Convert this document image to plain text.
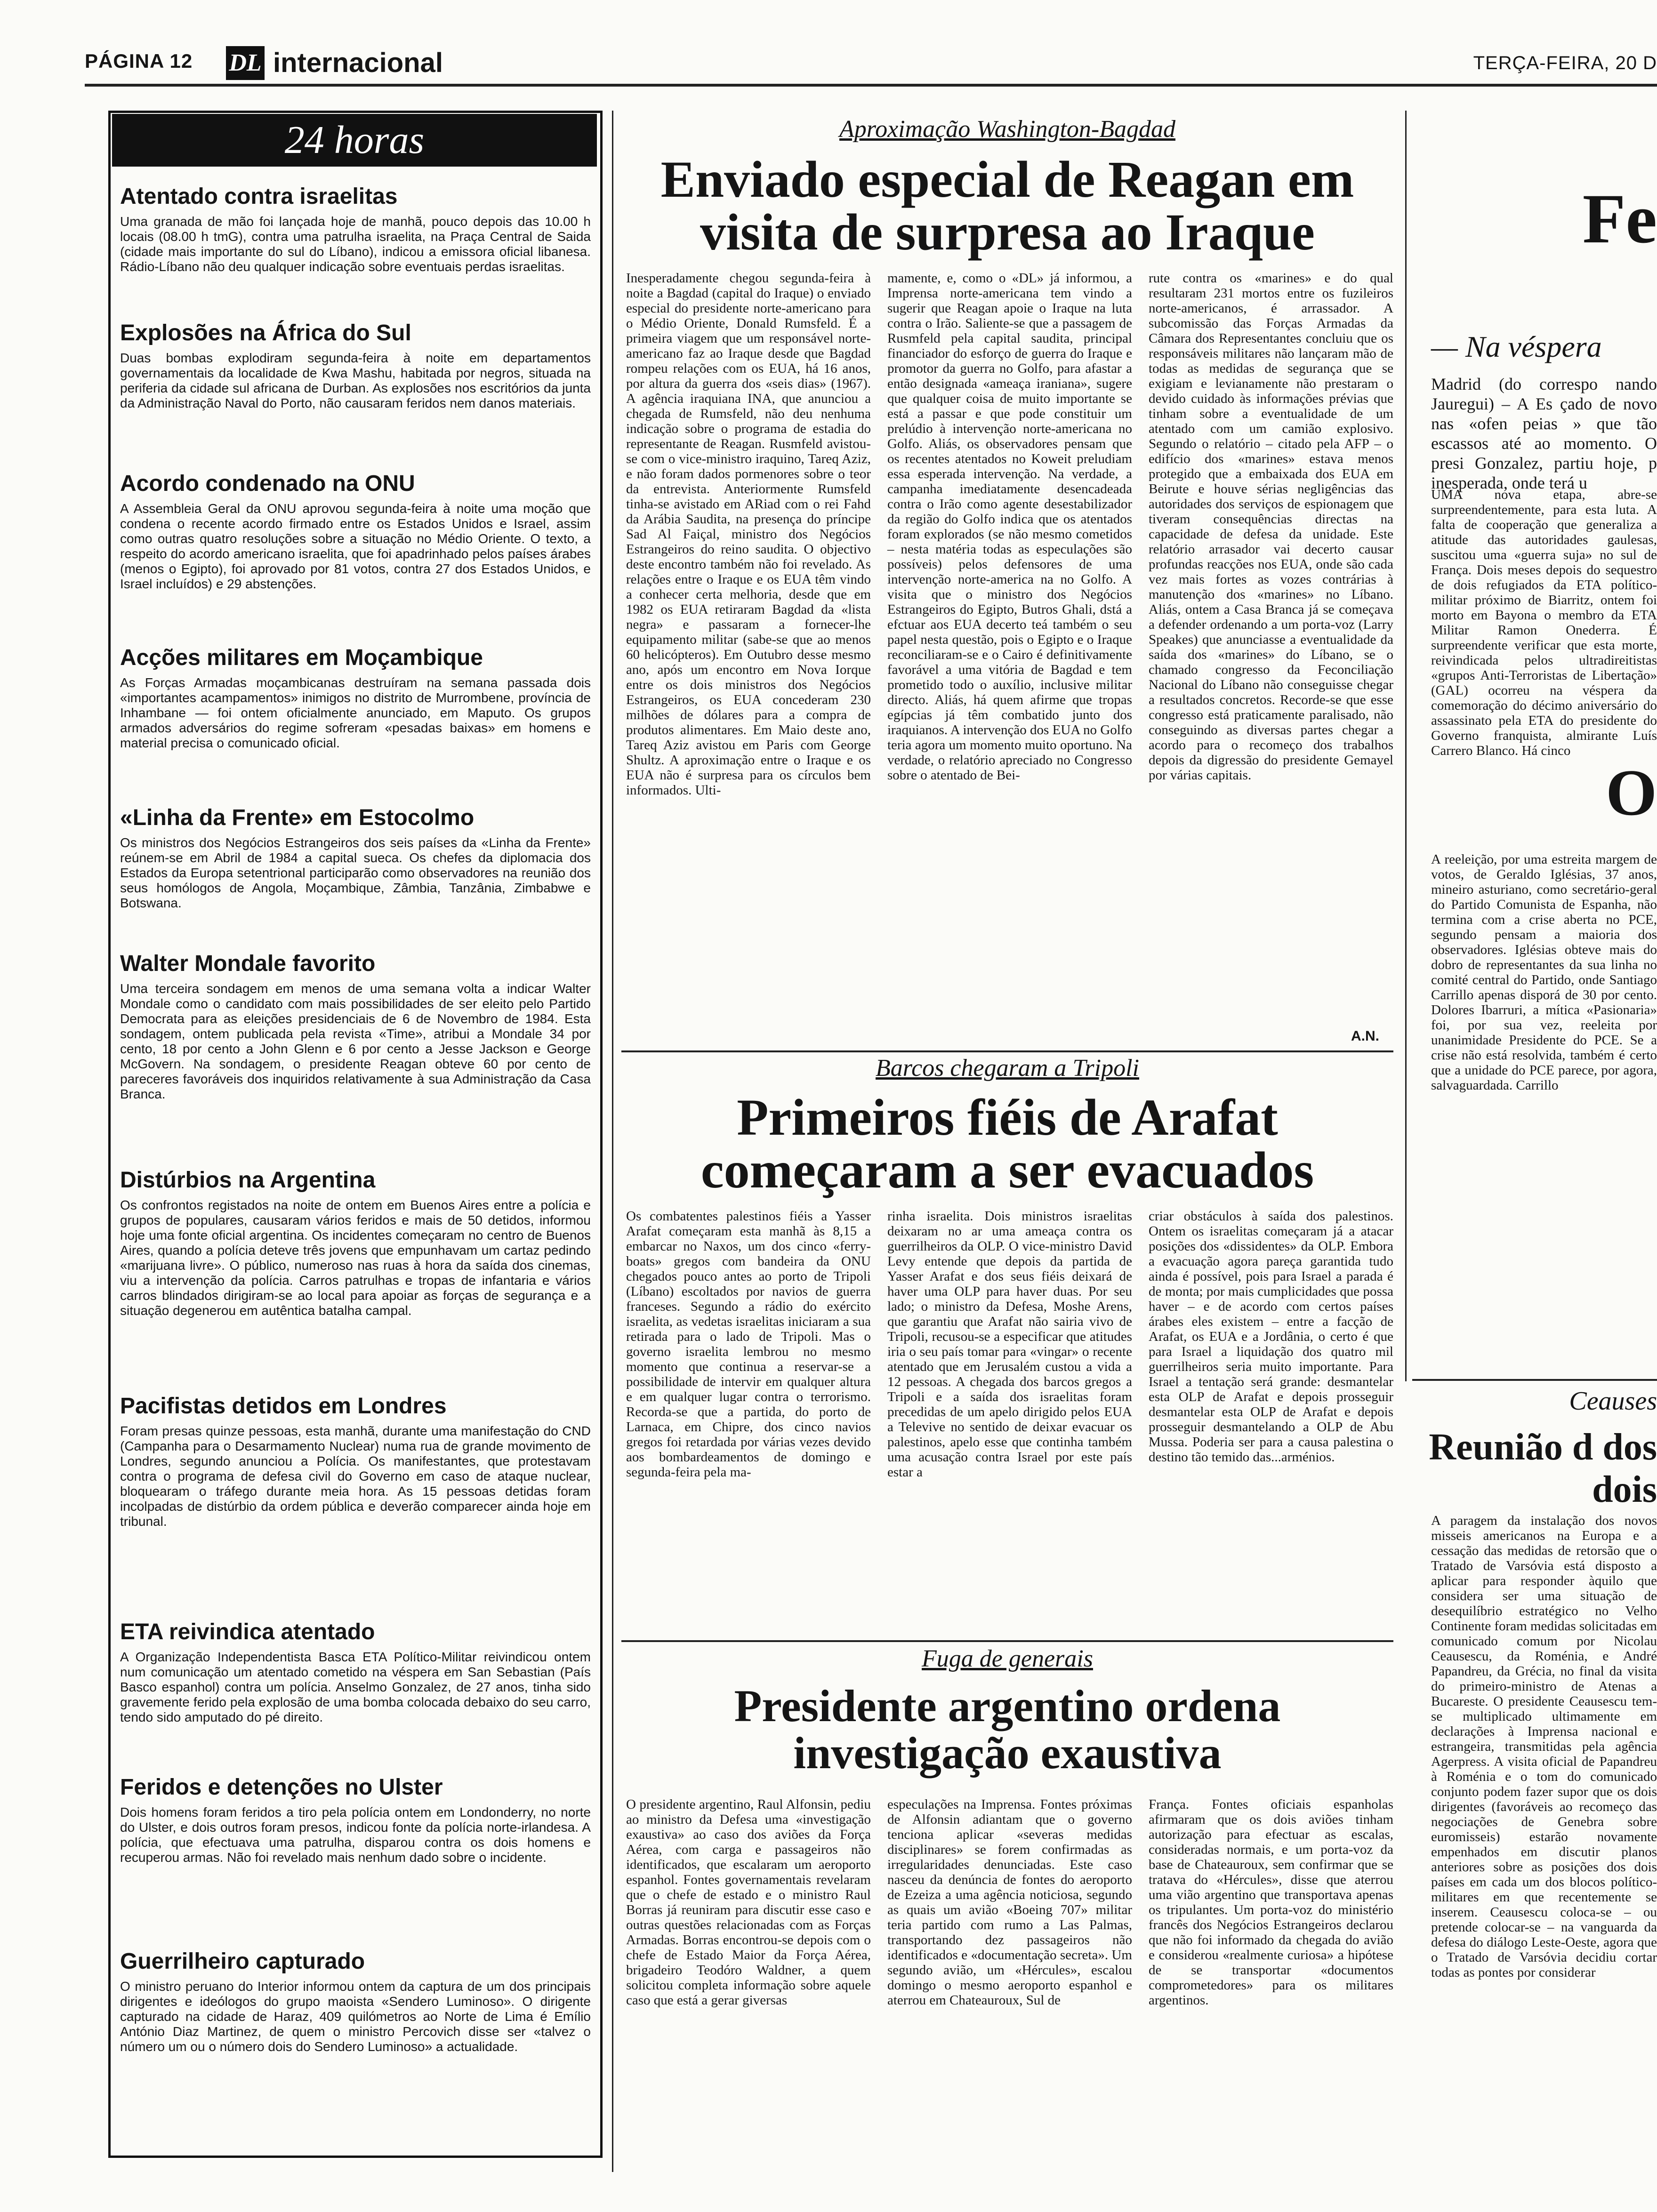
PÁGINA 12 DL internacional	TERÇA-FEIRA, 20 D
24 horas
Atentado contra israelitas
Uma granada de mão foi lançada hoje de manhã, pouco depois das 10.00 h locais (08.00 h tmG), contra uma patrulha israelita, na Praça Central de Saida (cidade mais importante do sul do Líbano), indicou a emissora oficial libanesa. Rádio-Líbano não deu qualquer indicação sobre eventuais perdas israelitas.
Explosões na África do Sul
Duas bombas explodiram segunda-feira à noite em departamentos governamentais da localidade de Kwa Mashu, habitada por negros, situada na periferia da cidade sul africana de Durban. As explosões nos escritórios da junta da Administração Naval do Porto, não causaram feridos nem danos materiais.
Acordo condenado na ONU
A Assembleia Geral da ONU aprovou segunda-feira à noite uma moção que condena o recente acordo firmado entre os Estados Unidos e Israel, assim como outras quatro resoluções sobre a situação no Médio Oriente. O texto, a respeito do acordo americano israelita, que foi apadrinhado pelos países árabes (menos o Egipto), foi aprovado por 81 votos, contra 27 dos Estados Unidos, e Israel incluídos) e 29 abstenções.
Acções militares em Moçambique
As Forças Armadas moçambicanas destruíram na semana passada dois «importantes acampamentos» inimigos no distrito de Murrombene, província de Inhambane — foi ontem oficialmente anunciado, em Maputo. Os grupos armados adversários do regime sofreram «pesadas baixas» em homens e material precisa o comunicado oficial.
«Linha da Frente» em Estocolmo
Os ministros dos Negócios Estrangeiros dos seis países da «Linha da Frente» reúnem-se em Abril de 1984 a capital sueca. Os chefes da diplomacia dos Estados da Europa setentrional participarão como observadores na reunião dos seus homólogos de Angola, Moçambique, Zâmbia, Tanzânia, Zimbabwe e Botswana.
Walter Mondale favorito
Uma terceira sondagem em menos de uma semana volta a indicar Walter Mondale como o candidato com mais possibilidades de ser eleito pelo Partido Democrata para as eleições presidenciais de 6 de Novembro de 1984. Esta sondagem, ontem publicada pela revista «Time», atribui a Mondale 34 por cento, 18 por cento a John Glenn e 6 por cento a Jesse Jackson e George McGovern. Na sondagem, o presidente Reagan obteve 60 por cento de pareceres favoráveis dos inquiridos relativamente à sua Administração da Casa Branca.
Distúrbios na Argentina
Os confrontos registados na noite de ontem em Buenos Aires entre a polícia e grupos de populares, causaram vários feridos e mais de 50 detidos, informou hoje uma fonte oficial argentina. Os incidentes começaram no centro de Buenos Aires, quando a polícia deteve três jovens que empunhavam um cartaz pedindo «marijuana livre». O público, numeroso nas ruas à hora da saída dos cinemas, viu a intervenção da polícia. Carros patrulhas e tropas de infantaria e vários carros blindados dirigiram-se ao local para apoiar as forças de segurança e a situação degenerou em autêntica batalha campal.
Pacifistas detidos em Londres
Foram presas quinze pessoas, esta manhã, durante uma manifestação do CND (Campanha para o Desarmamento Nuclear) numa rua de grande movimento de Londres, segundo anunciou a Polícia. Os manifestantes, que protestavam contra o programa de defesa civil do Governo em caso de ataque nuclear, bloquearam o tráfego durante meia hora. As 15 pessoas detidas foram incolpadas de distúrbio da ordem pública e deverão comparecer ainda hoje em tribunal.
ETA reivindica atentado
A Organização Independentista Basca ETA Político-Militar reivindicou ontem num comunicação um atentado cometido na véspera em San Sebastian (País Basco espanhol) contra um polícia. Anselmo Gonzalez, de 27 anos, tinha sido gravemente ferido pela explosão de uma bomba colocada debaixo do seu carro, tendo sido amputado do pé direito.
Feridos e detenções no Ulster
Dois homens foram feridos a tiro pela polícia ontem em Londonderry, no norte do Ulster, e dois outros foram presos, indicou fonte da polícia norte-irlandesa. A polícia, que efectuava uma patrulha, disparou contra os dois homens e recuperou armas. Não foi revelado mais nenhum dado sobre o incidente.
Guerrilheiro capturado
O ministro peruano do Interior informou ontem da captura de um dos principais dirigentes e ideólogos do grupo maoista «Sendero Luminoso». O dirigente capturado na cidade de Haraz, 409 quilómetros ao Norte de Lima é Emílio António Diaz Martinez, de quem o ministro Percovich disse ser «talvez o número um ou o número dois do Sendero Luminoso» a actualidade.
Aproximação Washington-Bagdad
Enviado especial de Reagan em visita de surpresa ao Iraque
Inesperadamente chegou segunda-feira à noite a Bagdad (capital do Iraque) o enviado especial do presidente norte-americano para o Médio Oriente, Donald Rumsfeld. É a primeira viagem que um responsável norte-americano faz ao Iraque desde que Bagdad rompeu relações com os EUA, há 16 anos, por altura da guerra dos «seis dias» (1967). A agência iraquiana INA, que anunciou a chegada de Rumsfeld, não deu nenhuma indicação sobre o programa de estadia do representante de Reagan. Rusmfeld avistou-se com o vice-ministro iraquino, Tareq Aziz, e não foram dados pormenores sobre o teor da entrevista. Anteriormente Rumsfeld tinha-se avistado em ARiad com o rei Fahd da Arábia Saudita, na presença do príncipe Sad Al Faiçal, ministro dos Negócios Estrangeiros do reino saudita. O objectivo deste encontro também não foi revelado. As relações entre o Iraque e os EUA têm vindo a conhecer certa melhoria, desde que em 1982 os EUA retiraram Bagdad da «lista negra» e passaram a fornecer-lhe equipamento militar (sabe-se que ao menos 60 helicópteros). Em Outubro desse mesmo ano, após um encontro em Nova Iorque entre os dois ministros dos Negócios Estrangeiros, os EUA concederam 230 milhões de dólares para a compra de produtos alimentares. Em Maio deste ano, Tareq Aziz avistou em Paris com George Shultz. A aproximação entre o Iraque e os EUA não é surpresa para os círculos bem informados. Ulti-
mamente, e, como o «DL» já informou, a Imprensa norte-americana tem vindo a sugerir que Reagan apoie o Iraque na luta contra o Irão. Saliente-se que a passagem de Rusmfeld pela capital saudita, principal financiador do esforço de guerra do Iraque e promotor da guerra no Golfo, para afastar a então designada «ameaça iraniana», sugere que qualquer coisa de muito importante se está a passar e que pode constituir um prelúdio à intervenção norte-americana no Golfo. Aliás, os observadores pensam que os recentes atentados no Koweit preludiam essa esperada intervenção. Na verdade, a campanha imediatamente desencadeada contra o Irão como agente desestabilizador da região do Golfo indica que os atentados foram explorados (se não mesmo cometidos – nesta matéria todas as especulações são possíveis) pelos defensores de uma intervenção norte-america na no Golfo. A visita que o ministro dos Negócios Estrangeiros do Egipto, Butros Ghali, dstá a efctuar aos EUA decerto teá também o seu papel nesta questão, pois o Egipto e o Iraque reconciliaram-se e o Cairo é definitivamente favorável a uma vitória de Bagdad e tem prometido todo o auxílio, inclusive militar directo. Aliás, há quem afirme que tropas egípcias já têm combatido junto dos iraquianos. A intervenção dos EUA no Golfo teria agora um momento muito oportuno. Na verdade, o relatório apreciado no Congresso sobre o atentado de Bei-
rute contra os «marines» e do qual resultaram 231 mortos entre os fuzileiros norte-americanos, é arrassador. A subcomissão das Forças Armadas da Câmara dos Representantes concluiu que os responsáveis militares não lançaram mão de todas as medidas de segurança que se exigiam e levianamente não prestaram o devido cuidado às informações prévias que tinham sobre a eventualidade de um atentado com um camião explosivo. Segundo o relatório – citado pela AFP – o edifício dos «marines» estava menos protegido que a embaixada dos EUA em Beirute e houve sérias negligências das autoridades dos serviços de espionagem que tiveram consequências directas na capacidade de defesa da unidade. Este relatório arrasador vai decerto causar profundas reacções nos EUA, onde são cada vez mais fortes as vozes contrárias à manutenção dos «marines» no Líbano. Aliás, ontem a Casa Branca já se começava a defender ordenando a um porta-voz (Larry Speakes) que anunciasse a eventualidade da saída dos «marines» do Líbano, se o chamado congresso da Feconciliação Nacional do Líbano não conseguisse chegar a resultados concretos. Recorde-se que esse congresso está praticamente paralisado, não conseguindo as diversas partes chegar a acordo para o recomeço dos trabalhos depois da digressão do presidente Gemayel por várias capitais.
A.N.
Barcos chegaram a Tripoli
Primeiros fiéis de Arafat começaram a ser evacuados
Os combatentes palestinos fiéis a Yasser Arafat começaram esta manhã às 8,15 a embarcar no Naxos, um dos cinco «ferry-boats» gregos com bandeira da ONU chegados pouco antes ao porto de Tripoli (Líbano) escoltados por navios de guerra franceses. Segundo a rádio do exército israelita, as vedetas israelitas iniciaram a sua retirada para o lado de Tripoli. Mas o governo israelita lembrou no mesmo momento que continua a reservar-se a possibilidade de intervir em qualquer altura e em qualquer lugar contra o terrorismo. Recorda-se que a partida, do porto de Larnaca, em Chipre, dos cinco navios gregos foi retardada por várias vezes devido aos bombardeamentos de domingo e segunda-feira pela ma-
rinha israelita. Dois ministros israelitas deixaram no ar uma ameaça contra os guerrilheiros da OLP. O vice-ministro David Levy entende que depois da partida de Yasser Arafat e dos seus fiéis deixará de haver uma OLP para haver duas. Por seu lado; o ministro da Defesa, Moshe Arens, que garantiu que Arafat não sairia vivo de Tripoli, recusou-se a especificar que atitudes iria o seu país tomar para «vingar» o recente atentado que em Jerusalém custou a vida a 12 pessoas. A chegada dos barcos gregos a Tripoli e a saída dos israelitas foram precedidas de um apelo dirigido pelos EUA a Televive no sentido de deixar evacuar os palestinos, apelo esse que continha também uma acusação contra Israel por este país estar a
criar obstáculos à saída dos palestinos. Ontem os israelitas começaram já a atacar posições dos «dissidentes» da OLP. Embora a evacuação agora pareça garantida tudo ainda é possível, pois para Israel a parada é de monta; por mais cumplicidades que possa haver – e de acordo com certos países árabes eles existem – entre a facção de Arafat, os EUA e a Jordânia, o certo é que para Israel a liquidação dos quatro mil guerrilheiros seria muito importante. Para Israel a tentação será grande: desmantelar esta OLP de Arafat e depois prosseguir desmantelar esta OLP de Arafat e depois prosseguir desmantelando a OLP de Abu Mussa. Poderia ser para a causa palestina o destino tão temido das...arménios.
Fuga de generais
Presidente argentino ordena investigação exaustiva
O presidente argentino, Raul Alfonsin, pediu ao ministro da Defesa uma «investigação exaustiva» ao caso dos aviões da Força Aérea, com carga e passageiros não identificados, que escalaram um aeroporto espanhol. Fontes governamentais revelaram que o chefe de estado e o ministro Raul Borras já reuniram para discutir esse caso e outras questões relacionadas com as Forças Armadas. Borras encontrou-se depois com o chefe de Estado Maior da Força Aérea, brigadeiro Teodóro Waldner, a quem solicitou completa informação sobre aquele caso que está a gerar giversas
especulações na Imprensa. Fontes próximas de Alfonsin adiantam que o governo tenciona aplicar «severas medidas disciplinares» se forem confirmadas as irregularidades denunciadas. Este caso nasceu da denúncia de fontes do aeroporto de Ezeiza a uma agência noticiosa, segundo as quais um avião «Boeing 707» militar teria partido com rumo a Las Palmas, transportando dez passageiros não identificados e «documentação secreta». Um segundo avião, um «Hércules», escalou domingo o mesmo aeroporto espanhol e aterrou em Chateauroux, Sul de
França. Fontes oficiais espanholas afirmaram que os dois aviões tinham autorização para efectuar as escalas, consideradas normais, e um porta-voz da base de Chateauroux, sem confirmar que se tratava do «Hércules», disse que aterrou uma vião argentino que transportava apenas os tripulantes. Um porta-voz do ministério francês dos Negócios Estrangeiros declarou que não foi informado da chegada do avião e considerou «realmente curiosa» a hipótese de se transportar «documentos comprometedores» para os militares argentinos.
Fe
— Na véspera
Madrid (do correspo nando Jauregui) – A Es çado de novo nas «ofen peias » que tão escassos até ao momento. O presi Gonzalez, partiu hoje, p inesperada, onde terá u
UMA nova etapa, abre-se surpreendentemente, para esta luta. A falta de cooperação que generaliza a atitude das autoridades gaulesas, suscitou uma «guerra suja» no sul de França. Dois meses depois do sequestro de dois refugiados da ETA político-militar próximo de Biarritz, ontem foi morto em Bayona o membro da ETA Militar Ramon Onederra. É surpreendente verificar que esta morte, reivindicada pelos ultradireitistas «grupos Anti-Terroristas de Libertação» (GAL) ocorreu na véspera da comemoração do décimo aniversário do assassinato pela ETA do presidente do Governo franquista, almirante Luís Carrero Blanco. Há cinco
O
A reeleição, por uma estreita margem de votos, de Geraldo Iglésias, 37 anos, mineiro asturiano, como secretário-geral do Partido Comunista de Espanha, não termina com a crise aberta no PCE, segundo pensam a maioria dos observadores. Iglésias obteve mais do dobro de representantes da sua linha no comité central do Partido, onde Santiago Carrillo apenas disporá de 30 por cento. Dolores Ibarruri, a mítica «Pasionaria» foi, por sua vez, reeleita por unanimidade Presidente do PCE. Se a crise não está resolvida, também é certo que a unidade do PCE parece, por agora, salvaguardada. Carrillo
Ceauses
Reunião d dos dois
A paragem da instalação dos novos misseis americanos na Europa e a cessação das medidas de retorsão que o Tratado de Varsóvia está disposto a aplicar para responder àquilo que considera ser uma situação de desequilíbrio estratégico no Velho Continente foram medidas solicitadas em comunicado comum por Nicolau Ceausescu, da Roménia, e André Papandreu, da Grécia, no final da visita do primeiro-ministro de Atenas a Bucareste. O presidente Ceausescu tem-se multiplicado ultimamente em declarações à Imprensa nacional e estrangeira, transmitidas pela agência Agerpress. A visita oficial de Papandreu à Roménia e o tom do comunicado conjunto podem fazer supor que os dois dirigentes (favoráveis ao recomeço das negociações de Genebra sobre euromisseis) estarão novamente empenhados em discutir planos anteriores sobre as posições dos dois países em cada um dos blocos político-militares em que recentemente se inserem. Ceausescu coloca-se – ou pretende colocar-se – na vanguarda da defesa do diálogo Leste-Oeste, agora que o Tratado de Varsóvia decidiu cortar todas as pontes por considerar
